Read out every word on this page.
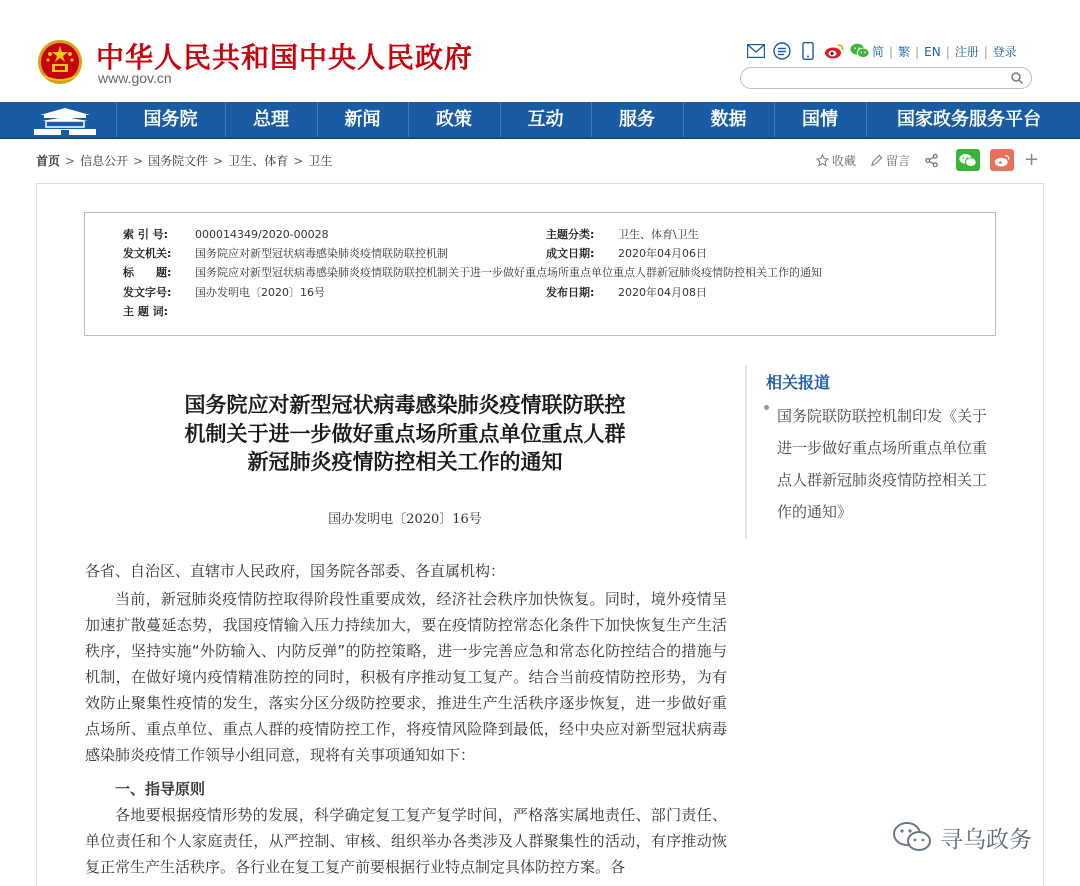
中华人民共和国中央人民政府
www.gov.cn
简 | 繁 | EN | 注册 | 登录
国务院	总理	新闻	政策	互动	服务	数据	国情	国家政务服务平台
首页 > 信息公开 > 国务院文件 > 卫生、体育 > 卫生	收藏	留言	+
索 引 号: 000014349/2020-00028	主题分类: 卫生、体育\卫生
发文机关: 国务院应对新型冠状病毒感染肺炎疫情联防联控机制	成文日期: 2020年04月06日
标　　题: 国务院应对新型冠状病毒感染肺炎疫情联防联控机制关于进一步做好重点场所重点单位重点人群新冠肺炎疫情防控相关工作的通知
发文字号: 国办发明电〔2020〕16号	发布日期: 2020年04月08日
主 题 词:
国务院应对新型冠状病毒感染肺炎疫情联防联控机制关于进一步做好重点场所重点单位重点人群新冠肺炎疫情防控相关工作的通知
国办发明电〔2020〕16号
各省、自治区、直辖市人民政府，国务院各部委、各直属机构：
当前，新冠肺炎疫情防控取得阶段性重要成效，经济社会秩序加快恢复。同时，境外疫情呈加速扩散蔓延态势，我国疫情输入压力持续加大，要在疫情防控常态化条件下加快恢复生产生活秩序，坚持实施“外防输入、内防反弹”的防控策略，进一步完善应急和常态化防控结合的措施与机制，在做好境内疫情精准防控的同时，积极有序推动复工复产。结合当前疫情防控形势，为有效防止聚集性疫情的发生，落实分区分级防控要求，推进生产生活秩序逐步恢复，进一步做好重点场所、重点单位、重点人群的疫情防控工作，将疫情风险降到最低，经中央应对新型冠状病毒感染肺炎疫情工作领导小组同意，现将有关事项通知如下：
一、指导原则
各地要根据疫情形势的发展，科学确定复工复产复学时间，严格落实属地责任、部门责任、单位责任和个人家庭责任，从严控制、审核、组织举办各类涉及人群聚集性的活动，有序推动恢复正常生产生活秩序。各行业在复工复产前要根据行业特点制定具体防控方案。各
相关报道
国务院联防联控机制印发《关于进一步做好重点场所重点单位重点人群新冠肺炎疫情防控相关工作的通知》
寻乌政务
